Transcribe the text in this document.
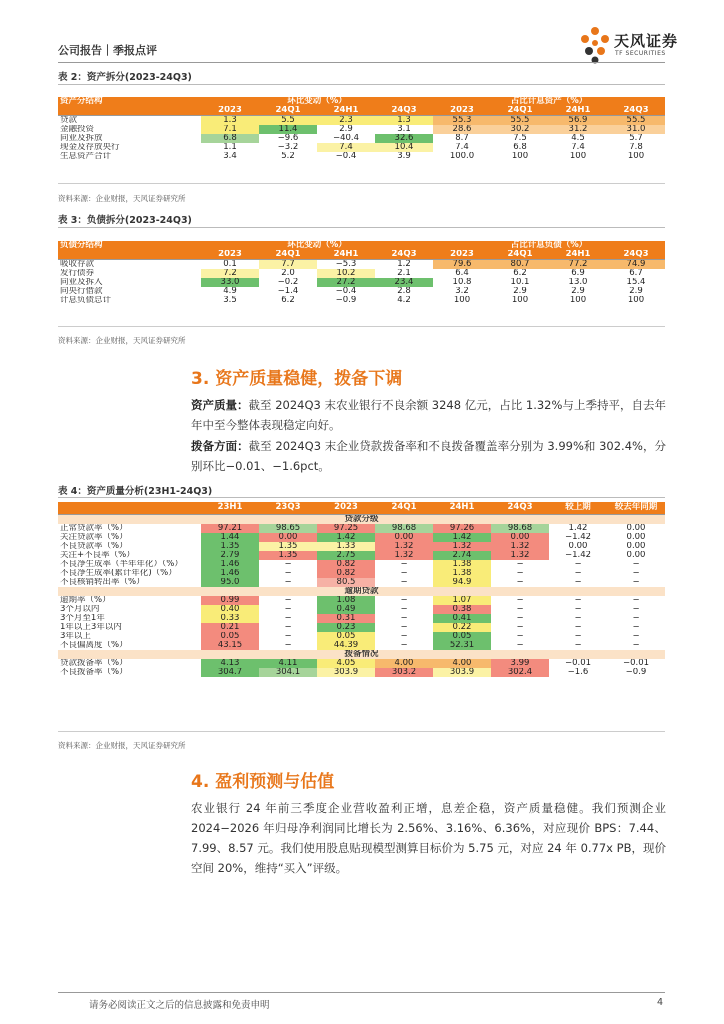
公司报告｜季报点评
天风证券
TF SECURITIES
表 2：资产拆分(2023-24Q3)
资产分结构	环比变动（%）				占比计息资产（%）			
	2023	24Q1	24H1	24Q3	2023	24Q1	24H1	24Q3
贷款	1.3	5.5	2.3	1.3	55.3	55.5	56.9	55.5
金融投资	7.1	11.4	2.9	3.1	28.6	30.2	31.2	31.0
同业及拆放	6.8	−9.6	−40.4	32.6	8.7	7.5	4.5	5.7
现金及存放央行	1.1	−3.2	7.4	10.4	7.4	6.8	7.4	7.8
生息资产合计	3.4	5.2	−0.4	3.9	100.0	100	100	100
资料来源：企业财报，天风证券研究所
表 3：负债拆分(2023-24Q3)
负债分结构	环比变动（%）				占比计息负债（%）			
	2023	24Q1	24H1	24Q3	2023	24Q1	24H1	24Q3
吸收存款	0.1	7.7	−5.3	1.2	79.6	80.7	77.2	74.9
发行债券	7.2	2.0	10.2	2.1	6.4	6.2	6.9	6.7
同业及拆入	33.0	−0.2	27.2	23.4	10.8	10.1	13.0	15.4
向央行借款	4.9	−1.4	−0.4	2.8	3.2	2.9	2.9	2.9
计息负债总计	3.5	6.2	−0.9	4.2	100	100	100	100
资料来源：企业财报，天风证券研究所
3. 资产质量稳健，拨备下调
资产质量：截至 2024Q3 末农业银行不良余额 3248 亿元，占比 1.32%与上季持平，自去年年中至今整体表现稳定向好。
拨备方面：截至 2024Q3 末企业贷款拨备率和不良拨备覆盖率分别为 3.99%和 302.4%，分别环比−0.01、−1.6pct。
表 4：资产质量分析(23H1-24Q3)
	23H1	23Q3	2023	24Q1	24H1	24Q3	较上期	较去年同期
贷款分级								
正常贷款率（%）	97.21	98.65	97.25	98.68	97.26	98.68	1.42	0.00
关注贷款率（%）	1.44	0.00	1.42	0.00	1.42	0.00	−1.42	0.00
不良贷款率（%）	1.35	1.35	1.33	1.32	1.32	1.32	0.00	0.00
关注+不良率（%）	2.79	1.35	2.75	1.32	2.74	1.32	−1.42	0.00
不良净生成率（半年年化）（%）	1.46	−	0.82	−	1.38	−	−	−
不良净生成率(累计年化)（%）	1.46	−	0.82	−	1.38	−	−	−
不良核销转出率（%）	95.0	−	80.5	−	94.9	−	−	−
逾期贷款								
逾期率（%）	0.99	−	1.08	−	1.07	−	−	−
3个月以内	0.40	−	0.49	−	0.38	−	−	−
3个月至1年	0.33	−	0.31	−	0.41	−	−	−
1年以上3年以内	0.21	−	0.23	−	0.22	−	−	−
3年以上	0.05	−	0.05	−	0.05	−	−	−
不良偏离度（%）	43.15	−	44.39	−	52.31	−	−	−
拨备情况								
贷款拨备率（%）	4.13	4.11	4.05	4.00	4.00	3.99	−0.01	−0.01
不良拨备率（%）	304.7	304.1	303.9	303.2	303.9	302.4	−1.6	−0.9
资料来源：企业财报，天风证券研究所
4. 盈利预测与估值
农业银行 24 年前三季度企业营收盈利正增，息差企稳，资产质量稳健。我们预测企业 2024−2026 年归母净利润同比增长为 2.56%、3.16%、6.36%，对应现价 BPS：7.44、7.99、8.57 元。我们使用股息贴现模型测算目标价为 5.75 元，对应 24 年 0.77x PB，现价空间 20%，维持“买入”评级。
请务必阅读正文之后的信息披露和免责申明	4
